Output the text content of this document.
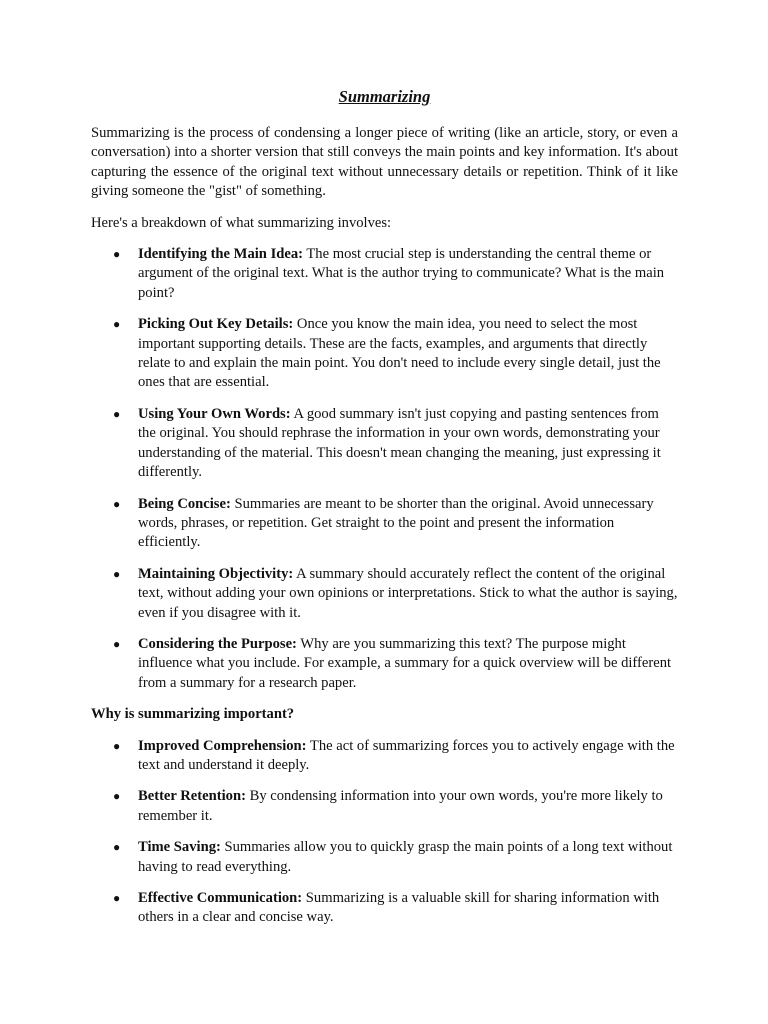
Summarizing

Summarizing is the process of condensing a longer piece of writing (like an article, story, or even a conversation) into a shorter version that still conveys the main points and key information. It's about capturing the essence of the original text without unnecessary details or repetition. Think of it like giving someone the "gist" of something.

Here's a breakdown of what summarizing involves:

● Identifying the Main Idea: The most crucial step is understanding the central theme or argument of the original text. What is the author trying to communicate? What is the main point?
● Picking Out Key Details: Once you know the main idea, you need to select the most important supporting details. These are the facts, examples, and arguments that directly relate to and explain the main point. You don't need to include every single detail, just the ones that are essential.
● Using Your Own Words: A good summary isn't just copying and pasting sentences from the original. You should rephrase the information in your own words, demonstrating your understanding of the material. This doesn't mean changing the meaning, just expressing it differently.
● Being Concise: Summaries are meant to be shorter than the original. Avoid unnecessary words, phrases, or repetition. Get straight to the point and present the information efficiently.
● Maintaining Objectivity: A summary should accurately reflect the content of the original text, without adding your own opinions or interpretations. Stick to what the author is saying, even if you disagree with it.
● Considering the Purpose: Why are you summarizing this text? The purpose might influence what you include. For example, a summary for a quick overview will be different from a summary for a research paper.

Why is summarizing important?

● Improved Comprehension: The act of summarizing forces you to actively engage with the text and understand it deeply.
● Better Retention: By condensing information into your own words, you're more likely to remember it.
● Time Saving: Summaries allow you to quickly grasp the main points of a long text without having to read everything.
● Effective Communication: Summarizing is a valuable skill for sharing information with others in a clear and concise way.
